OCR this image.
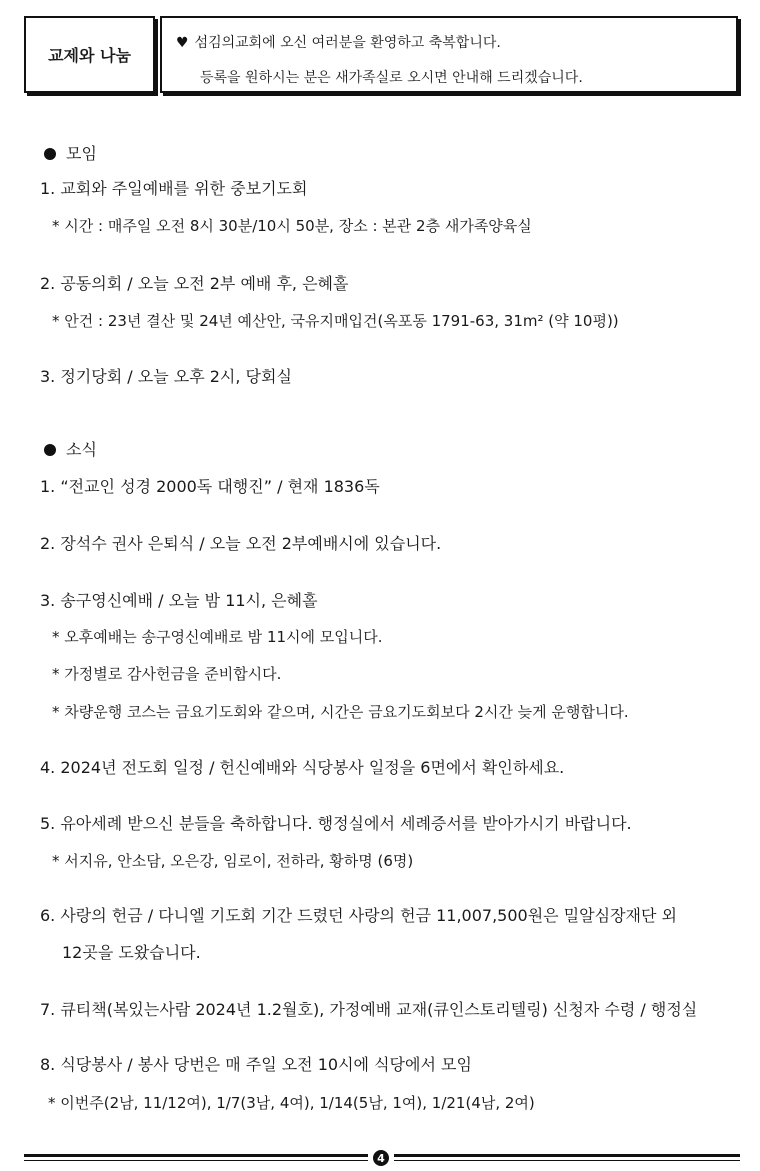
교제와 나눔
♥ 섬김의교회에 오신 여러분을 환영하고 축복합니다.
등록을 원하시는 분은 새가족실로 오시면 안내해 드리겠습니다.
모임
1. 교회와 주일예배를 위한 중보기도회
* 시간 : 매주일 오전 8시 30분/10시 50분, 장소 : 본관 2층 새가족양육실
2. 공동의회 / 오늘 오전 2부 예배 후, 은혜홀
* 안건 : 23년 결산 및 24년 예산안, 국유지매입건(옥포동 1791-63, 31m² (약 10평))
3. 정기당회 / 오늘 오후 2시, 당회실
소식
1. “전교인 성경 2000독 대행진” / 현재 1836독
2. 장석수 권사 은퇴식 / 오늘 오전 2부예배시에 있습니다.
3. 송구영신예배 / 오늘 밤 11시, 은혜홀
* 오후예배는 송구영신예배로 밤 11시에 모입니다.
* 가정별로 감사헌금을 준비합시다.
* 차량운행 코스는 금요기도회와 같으며, 시간은 금요기도회보다 2시간 늦게 운행합니다.
4. 2024년 전도회 일정 / 헌신예배와 식당봉사 일정을 6면에서 확인하세요.
5. 유아세례 받으신 분들을 축하합니다. 행정실에서 세례증서를 받아가시기 바랍니다.
* 서지유, 안소담, 오은강, 임로이, 전하라, 황하명 (6명)
6. 사랑의 헌금 / 다니엘 기도회 기간 드렸던 사랑의 헌금 11,007,500원은 밀알심장재단 외
12곳을 도왔습니다.
7. 큐티책(복있는사람 2024년 1.2월호), 가정예배 교재(큐인스토리텔링) 신청자 수령 / 행정실
8. 식당봉사 / 봉사 당번은 매 주일 오전 10시에 식당에서 모임
* 이번주(2남, 11/12여), 1/7(3남, 4여), 1/14(5남, 1여), 1/21(4남, 2여)
4
